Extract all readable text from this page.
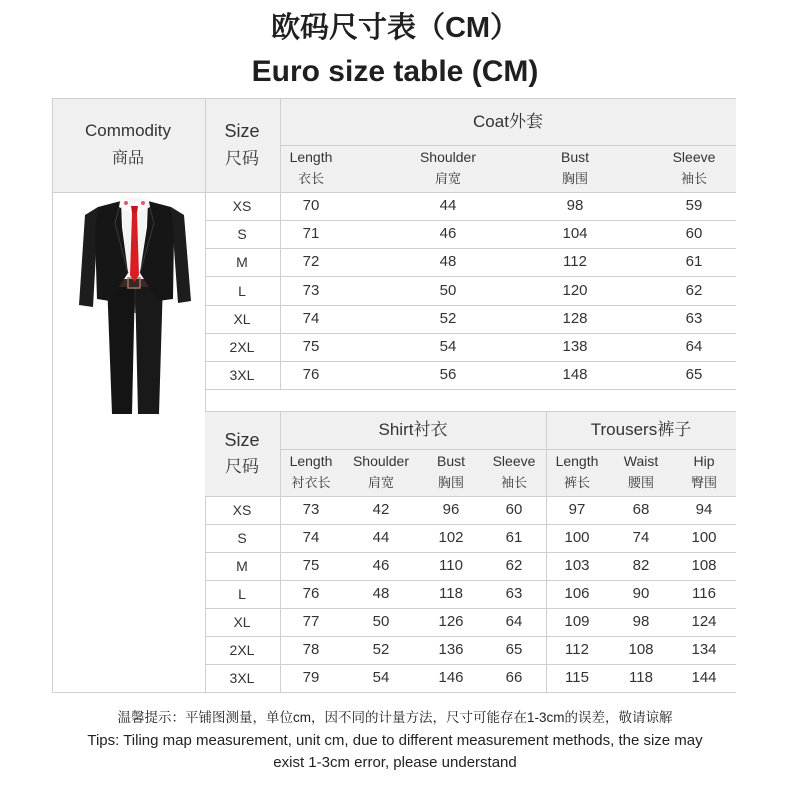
欧码尺寸表（CM）
Euro size table (CM)
Commodity
商品
Size
尺码
Coat外套
Length
衣长
Shoulder
肩宽
Bust
胸围
Sleeve
袖长
XS	70	44	98	59
S	71	46	104	60
M	72	48	112	61
L	73	50	120	62
XL	74	52	128	63
2XL	75	54	138	64
3XL	76	56	148	65
Size
尺码
Shirt衬衣	Trousers裤子
Length
衬衣长
Shoulder
肩宽
Bust
胸围
Sleeve
袖长
Length
裤长
Waist
腰围
Hip
臀围
XS	73	42	96	60	97	68	94
S	74	44	102	61	100	74	100
M	75	46	110	62	103	82	108
L	76	48	118	63	106	90	116
XL	77	50	126	64	109	98	124
2XL	78	52	136	65	112	108	134
3XL	79	54	146	66	115	118	144
温馨提示：平铺图测量，单位cm，因不同的计量方法，尺寸可能存在1-3cm的误差，敬请谅解
Tips: Tiling map measurement, unit cm, due to different measurement methods, the size may
exist 1-3cm error, please understand
